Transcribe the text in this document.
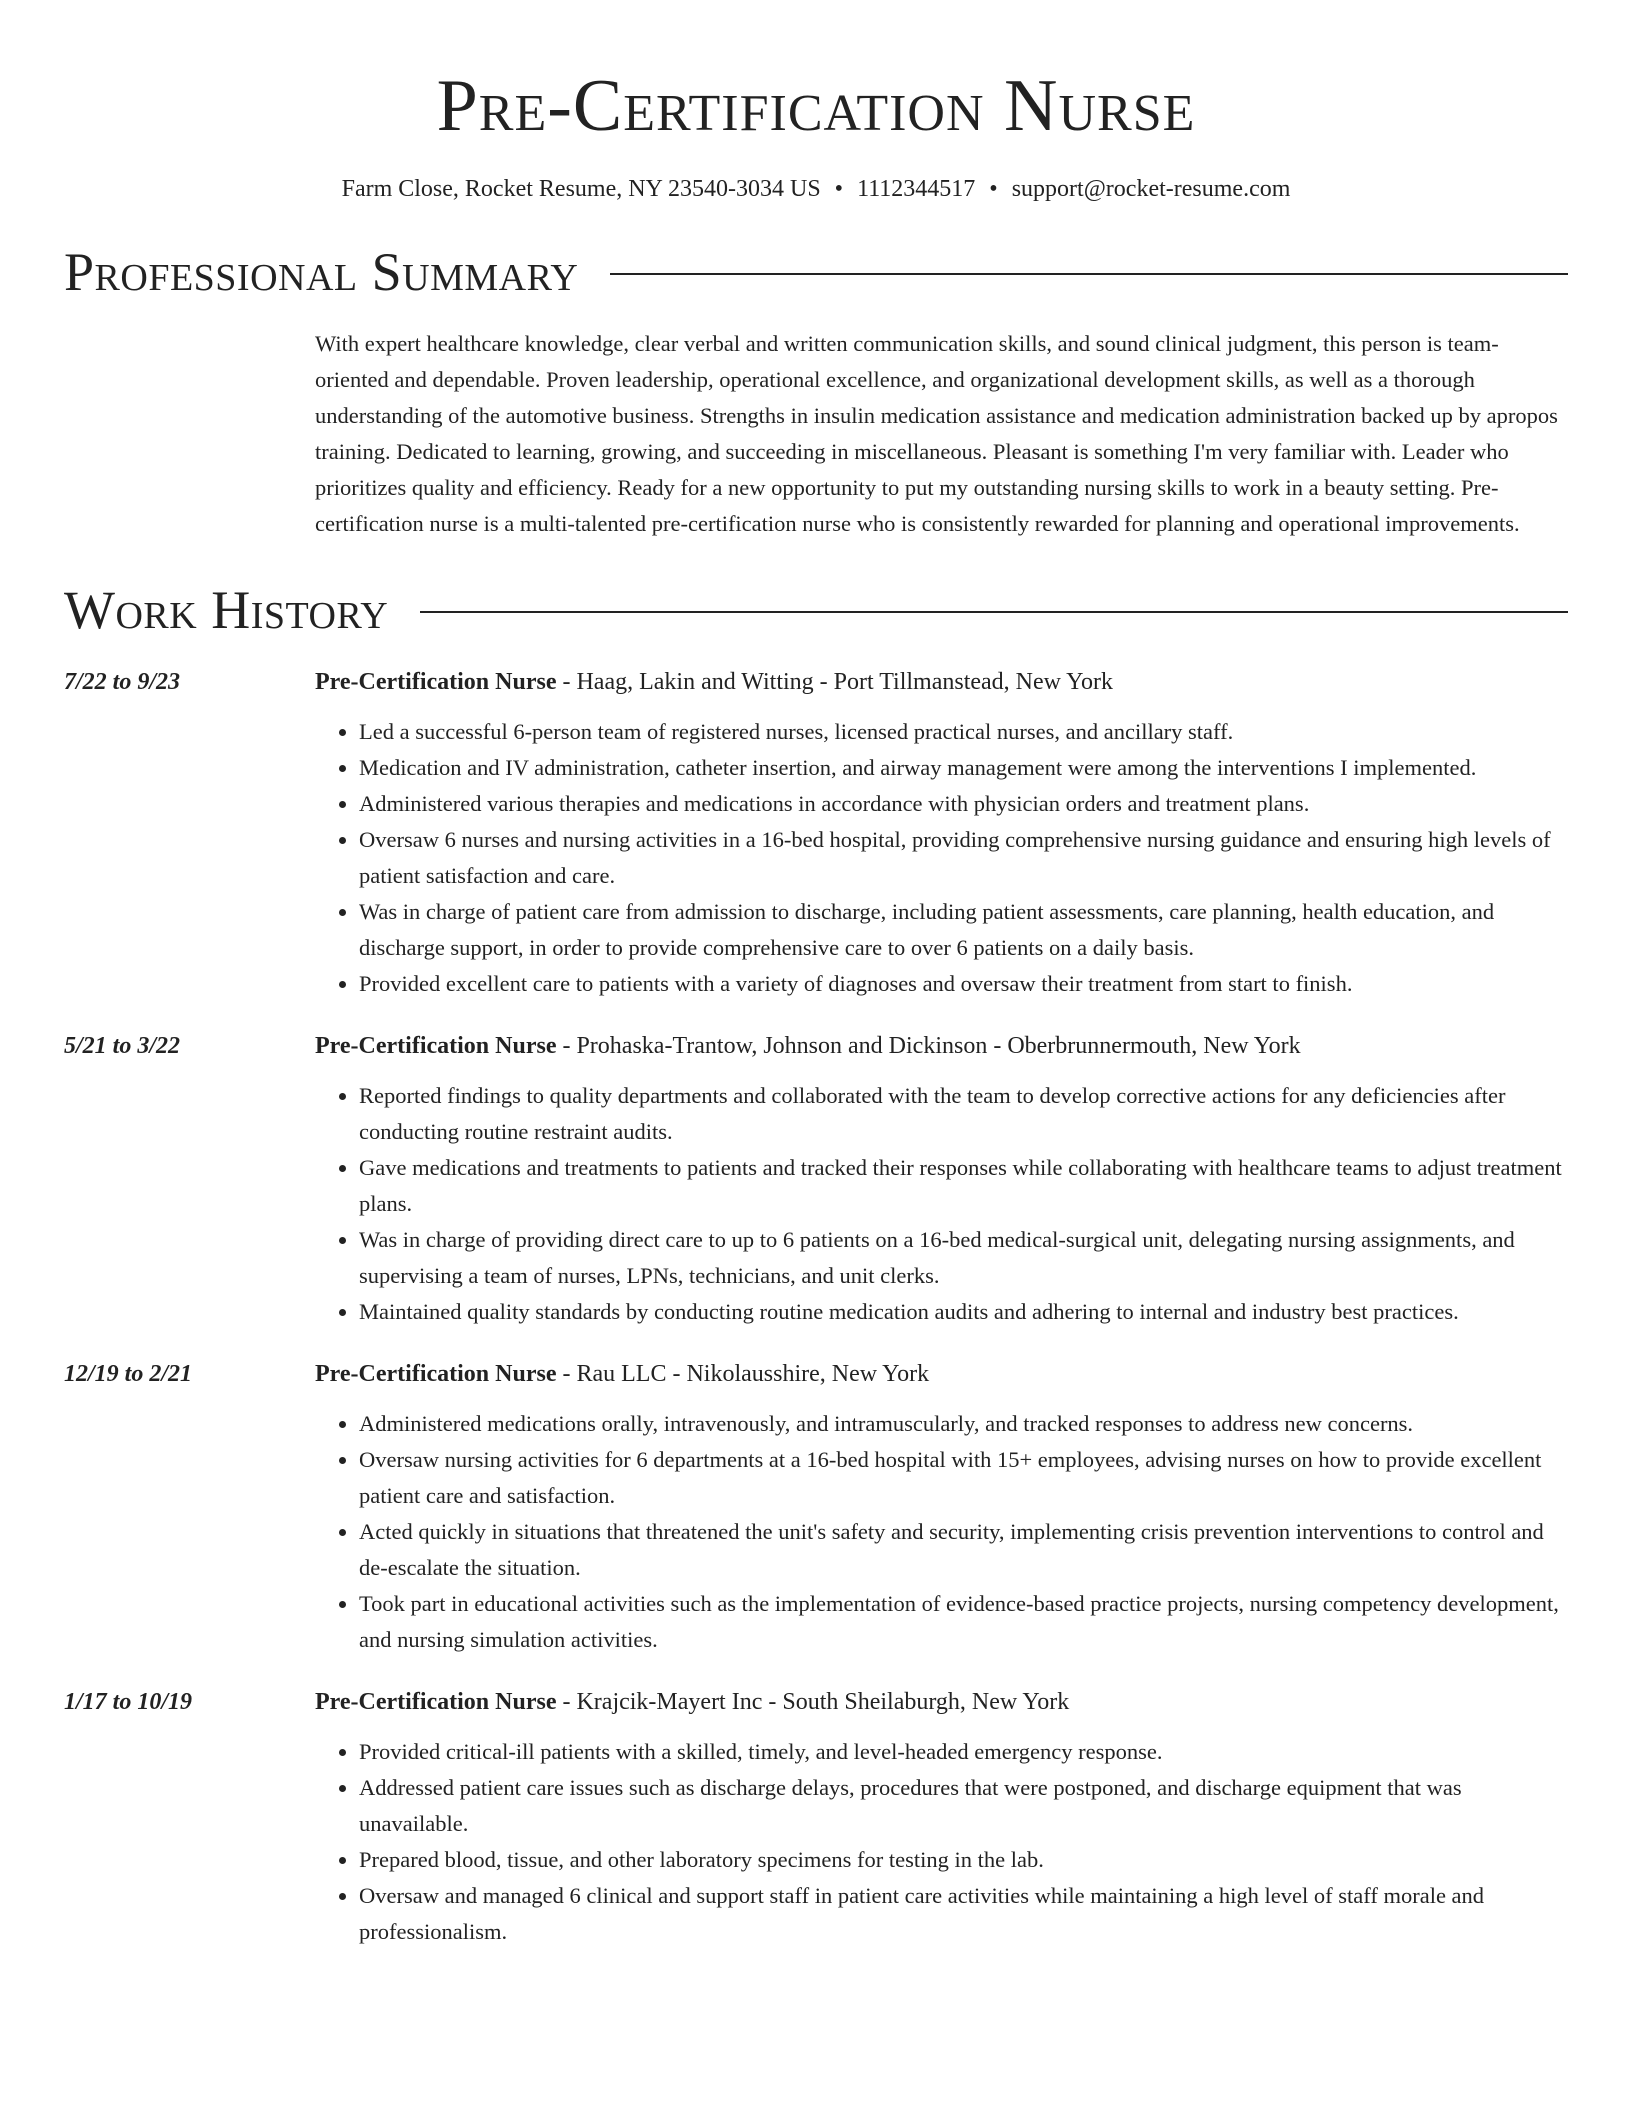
Pre-Certification Nurse
Farm Close, Rocket Resume, NY 23540-3034 US • 1112344517 • support@rocket-resume.com
Professional Summary
With expert healthcare knowledge, clear verbal and written communication skills, and sound clinical judgment, this person is team-oriented and dependable. Proven leadership, operational excellence, and organizational development skills, as well as a thorough understanding of the automotive business. Strengths in insulin medication assistance and medication administration backed up by apropos training. Dedicated to learning, growing, and succeeding in miscellaneous. Pleasant is something I'm very familiar with. Leader who prioritizes quality and efficiency. Ready for a new opportunity to put my outstanding nursing skills to work in a beauty setting. Pre-certification nurse is a multi-talented pre-certification nurse who is consistently rewarded for planning and operational improvements.
Work History
7/22 to 9/23	Pre-Certification Nurse - Haag, Lakin and Witting - Port Tillmanstead, New York
• Led a successful 6-person team of registered nurses, licensed practical nurses, and ancillary staff.
• Medication and IV administration, catheter insertion, and airway management were among the interventions I implemented.
• Administered various therapies and medications in accordance with physician orders and treatment plans.
• Oversaw 6 nurses and nursing activities in a 16-bed hospital, providing comprehensive nursing guidance and ensuring high levels of patient satisfaction and care.
• Was in charge of patient care from admission to discharge, including patient assessments, care planning, health education, and discharge support, in order to provide comprehensive care to over 6 patients on a daily basis.
• Provided excellent care to patients with a variety of diagnoses and oversaw their treatment from start to finish.
5/21 to 3/22	Pre-Certification Nurse - Prohaska-Trantow, Johnson and Dickinson - Oberbrunnermouth, New York
• Reported findings to quality departments and collaborated with the team to develop corrective actions for any deficiencies after conducting routine restraint audits.
• Gave medications and treatments to patients and tracked their responses while collaborating with healthcare teams to adjust treatment plans.
• Was in charge of providing direct care to up to 6 patients on a 16-bed medical-surgical unit, delegating nursing assignments, and supervising a team of nurses, LPNs, technicians, and unit clerks.
• Maintained quality standards by conducting routine medication audits and adhering to internal and industry best practices.
12/19 to 2/21	Pre-Certification Nurse - Rau LLC - Nikolausshire, New York
• Administered medications orally, intravenously, and intramuscularly, and tracked responses to address new concerns.
• Oversaw nursing activities for 6 departments at a 16-bed hospital with 15+ employees, advising nurses on how to provide excellent patient care and satisfaction.
• Acted quickly in situations that threatened the unit's safety and security, implementing crisis prevention interventions to control and de-escalate the situation.
• Took part in educational activities such as the implementation of evidence-based practice projects, nursing competency development, and nursing simulation activities.
1/17 to 10/19	Pre-Certification Nurse - Krajcik-Mayert Inc - South Sheilaburgh, New York
• Provided critical-ill patients with a skilled, timely, and level-headed emergency response.
• Addressed patient care issues such as discharge delays, procedures that were postponed, and discharge equipment that was unavailable.
• Prepared blood, tissue, and other laboratory specimens for testing in the lab.
• Oversaw and managed 6 clinical and support staff in patient care activities while maintaining a high level of staff morale and professionalism.
